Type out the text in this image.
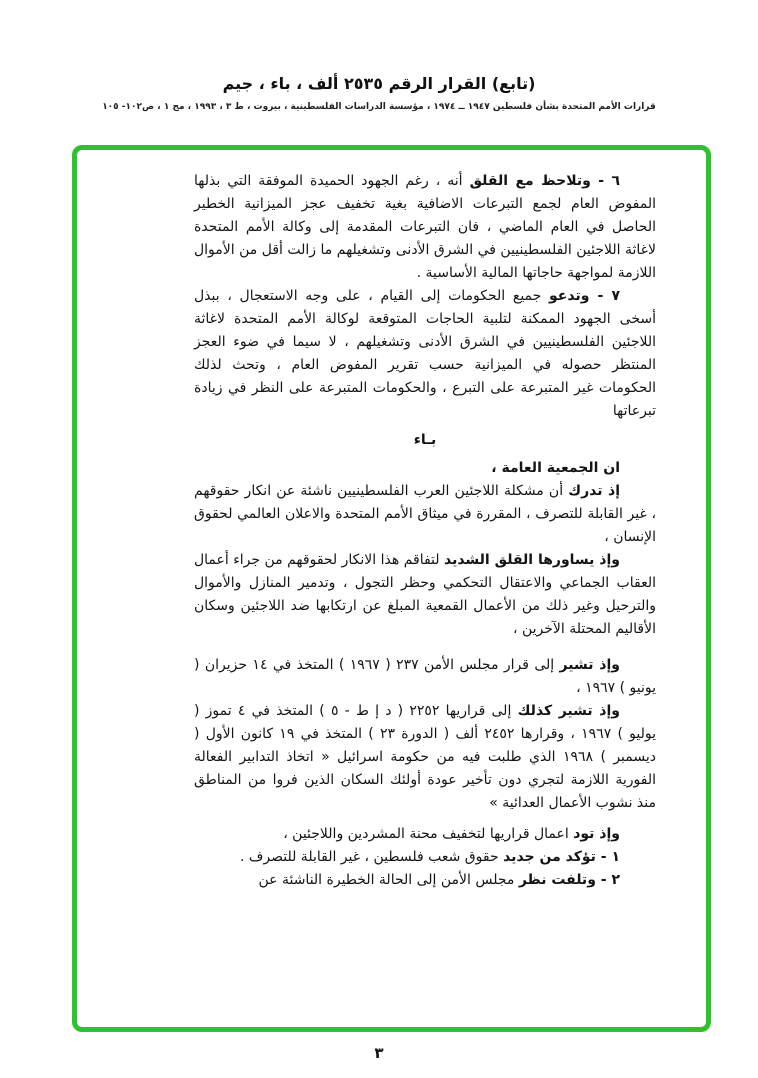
(تابع) القرار الرقم ٢٥٣٥ ألف ، باء ، جيم
قرارات الأمم المتحدة بشأن فلسطين ١٩٤٧ ــ ١٩٧٤ ، مؤسسة الدراسات الفلسطينية ، بيروت ، ط ٣ ، ١٩٩٣ ، مج ١ ، ص١٠٢- ١٠٥

٦ - وتلاحظ مع القلق أنه ، رغم الجهود الحميدة الموفقة التي بذلها المفوض العام لجمع التبرعات الاضافية بغية تخفيف عجز الميزانية الخطير الحاصل في العام الماضي ، فان التبرعات المقدمة إلى وكالة الأمم المتحدة لاغاثة اللاجئين الفلسطينيين في الشرق الأدنى وتشغيلهم ما زالت أقل من الأموال اللازمة لمواجهة حاجاتها المالية الأساسية .

٧ - وتدعو جميع الحكومات إلى القيام ، على وجه الاستعجال ، ببذل أسخى الجهود الممكنة لتلبية الحاجات المتوقعة لوكالة الأمم المتحدة لاغاثة اللاجئين الفلسطينيين في الشرق الأدنى وتشغيلهم ، لا سيما في ضوء العجز المنتظر حصوله في الميزانية حسب تقرير المفوض العام ، وتحث لذلك الحكومات غير المتبرعة على التبرع ، والحكومات المتبرعة على النظر في زيادة تبرعاتها

بـاء

ان الجمعية العامة ،

إذ تدرك أن مشكلة اللاجئين العرب الفلسطينيين ناشئة عن انكار حقوقهم ، غير القابلة للتصرف ، المقررة في ميثاق الأمم المتحدة والاعلان العالمي لحقوق الإنسان ،

وإذ يساورها القلق الشديد لتفاقم هذا الانكار لحقوقهم من جراء أعمال العقاب الجماعي والاعتقال التحكمي وحظر التجول ، وتدمير المنازل والأموال والترحيل وغير ذلك من الأعمال القمعية المبلغ عن ارتكابها ضد اللاجئين وسكان الأقاليم المحتلة الآخرين ،

وإذ تشير إلى قرار مجلس الأمن ٢٣٧ ( ١٩٦٧ ) المتخذ في ١٤ حزيران ( يونيو ) ١٩٦٧ ،

وإذ تشير كذلك إلى قراريها ٢٢٥٢ ( د إ ط - ٥ ) المتخذ في ٤ تموز ( يوليو ) ١٩٦٧ ، وقرارها ٢٤٥٢ ألف ( الدورة ٢٣ ) المتخذ في ١٩ كانون الأول ( ديسمبر ) ١٩٦٨ الذي طلبت فيه من حكومة اسرائيل « اتخاذ التدابير الفعالة الفورية اللازمة لتجري دون تأخير عودة أولئك السكان الذين فروا من المناطق منذ نشوب الأعمال العدائية »

وإذ تود اعمال قراريها لتخفيف محنة المشردين واللاجئين ،

١ - تؤكد من جديد حقوق شعب فلسطين ، غير القابلة للتصرف .

٢ - وتلفت نظر مجلس الأمن إلى الحالة الخطيرة الناشئة عن

٣
